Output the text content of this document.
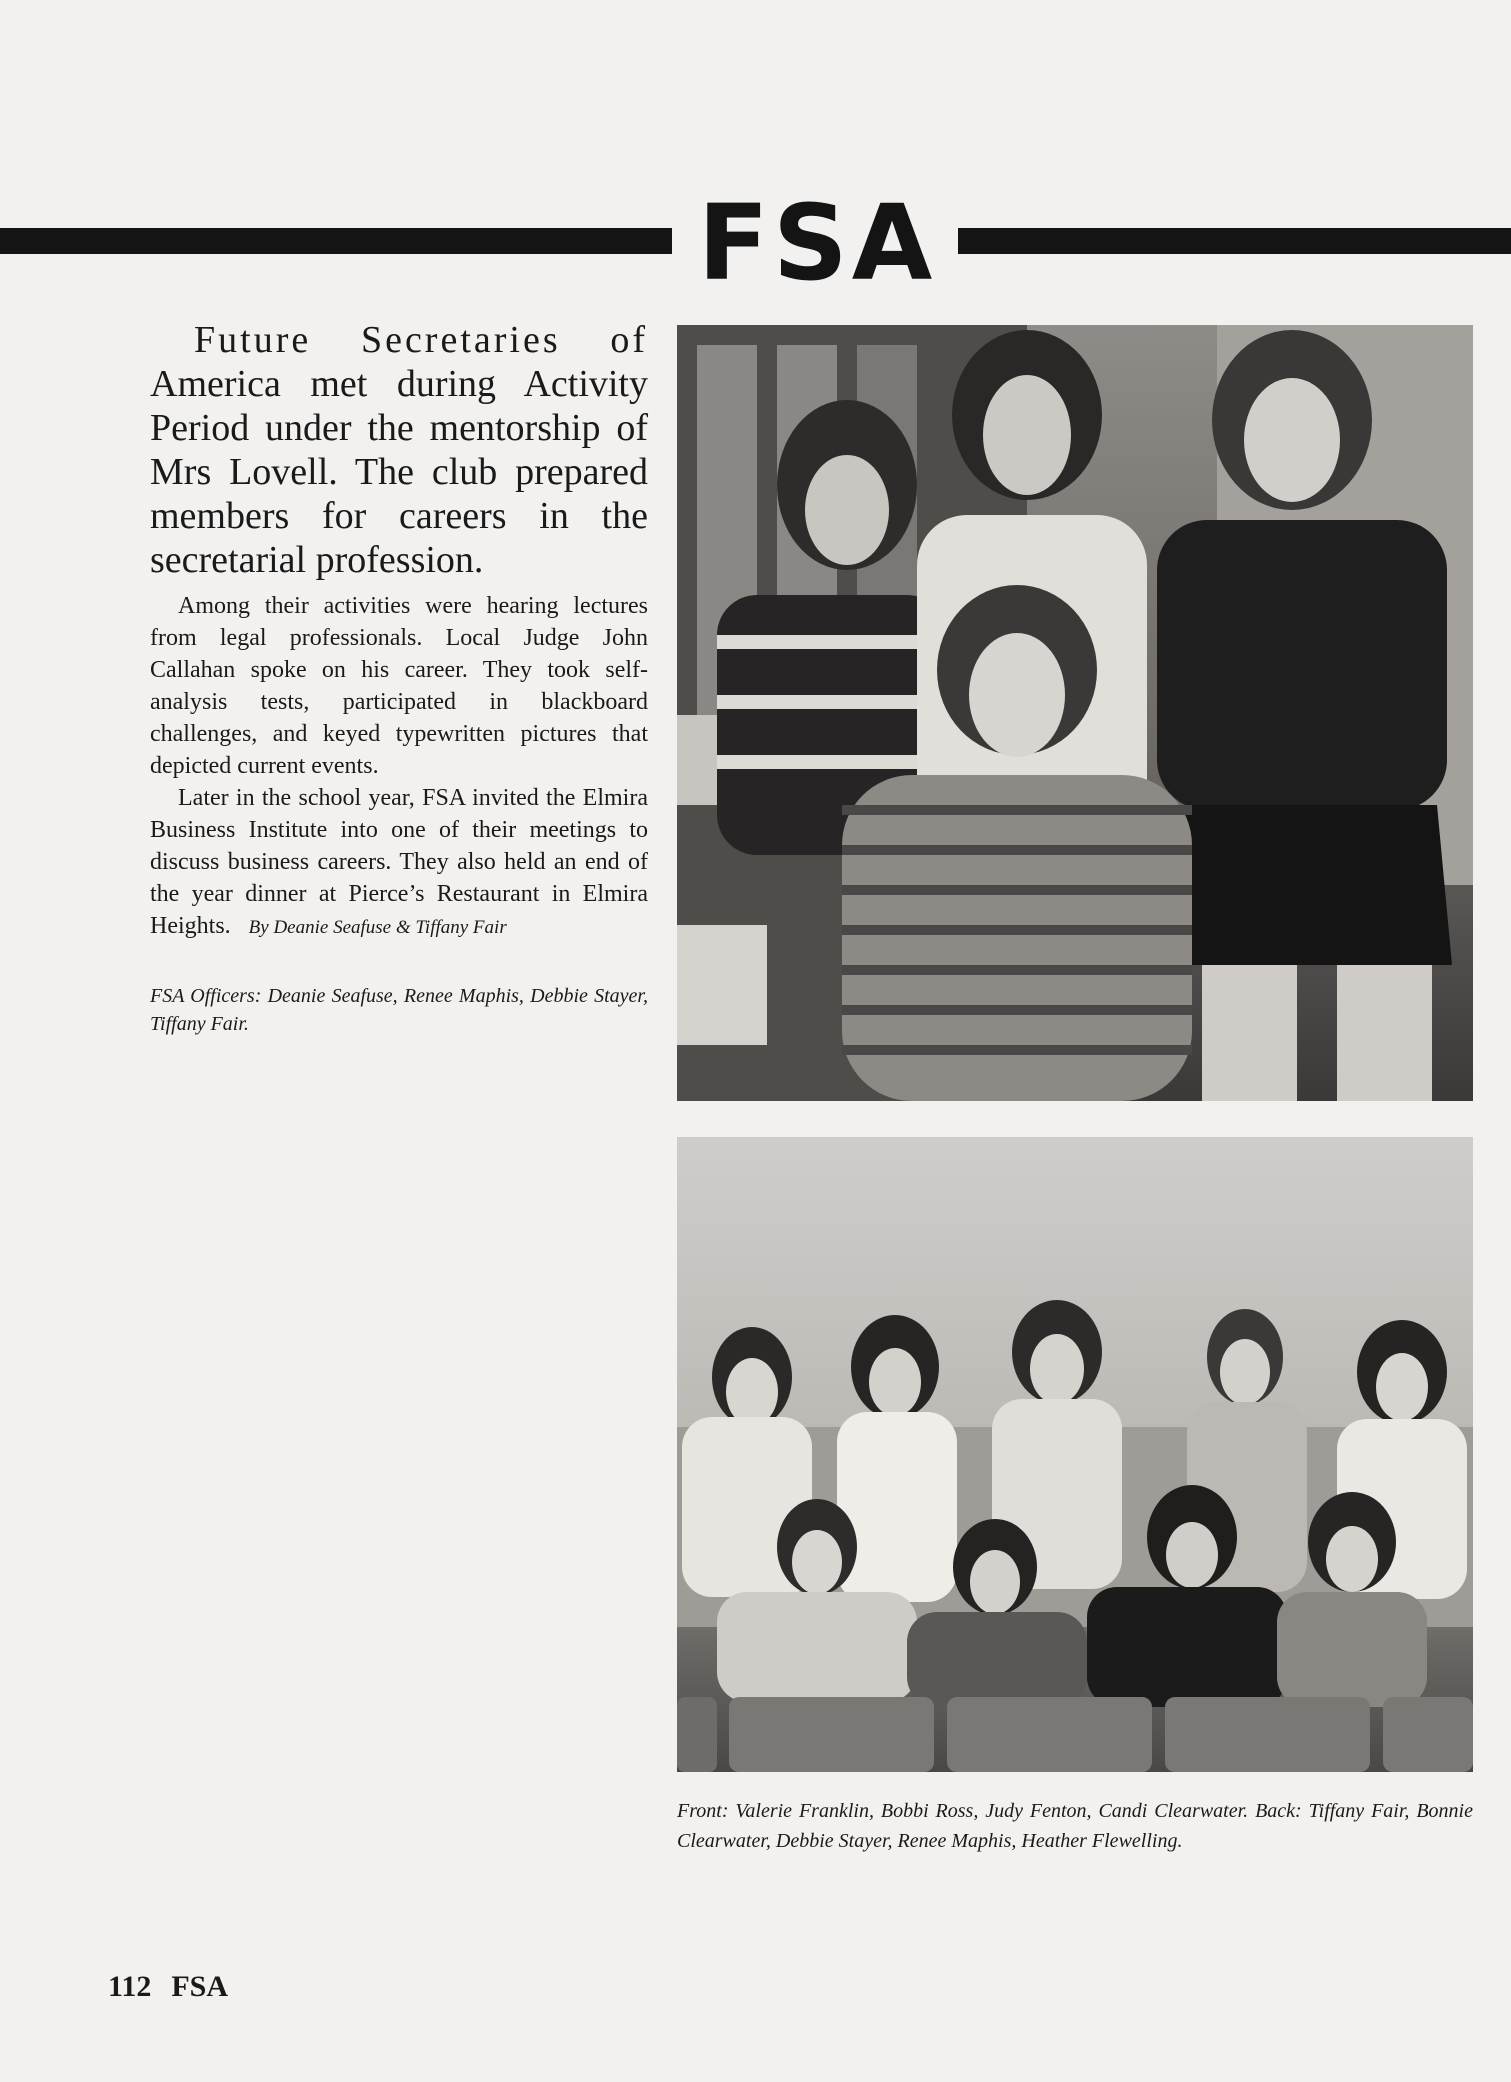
FSA

Future Secretaries of America met during Activity Period under the mentorship of Mrs Lovell. The club prepared members for careers in the secretarial profession.

Among their activities were hearing lectures from legal professionals. Local Judge John Callahan spoke on his career. They took self-analysis tests, participated in blackboard challenges, and keyed typewritten pictures that depicted current events.

Later in the school year, FSA invited the Elmira Business Institute into one of their meetings to discuss business careers. They also held an end of the year dinner at Pierce’s Restaurant in Elmira Heights. By Deanie Seafuse & Tiffany Fair

FSA Officers: Deanie Seafuse, Renee Maphis, Debbie Stayer, Tiffany Fair.
Front: Valerie Franklin, Bobbi Ross, Judy Fenton, Candi Clearwater. Back: Tiffany Fair, Bonnie Clearwater, Debbie Stayer, Renee Maphis, Heather Flewelling.

112 FSA
